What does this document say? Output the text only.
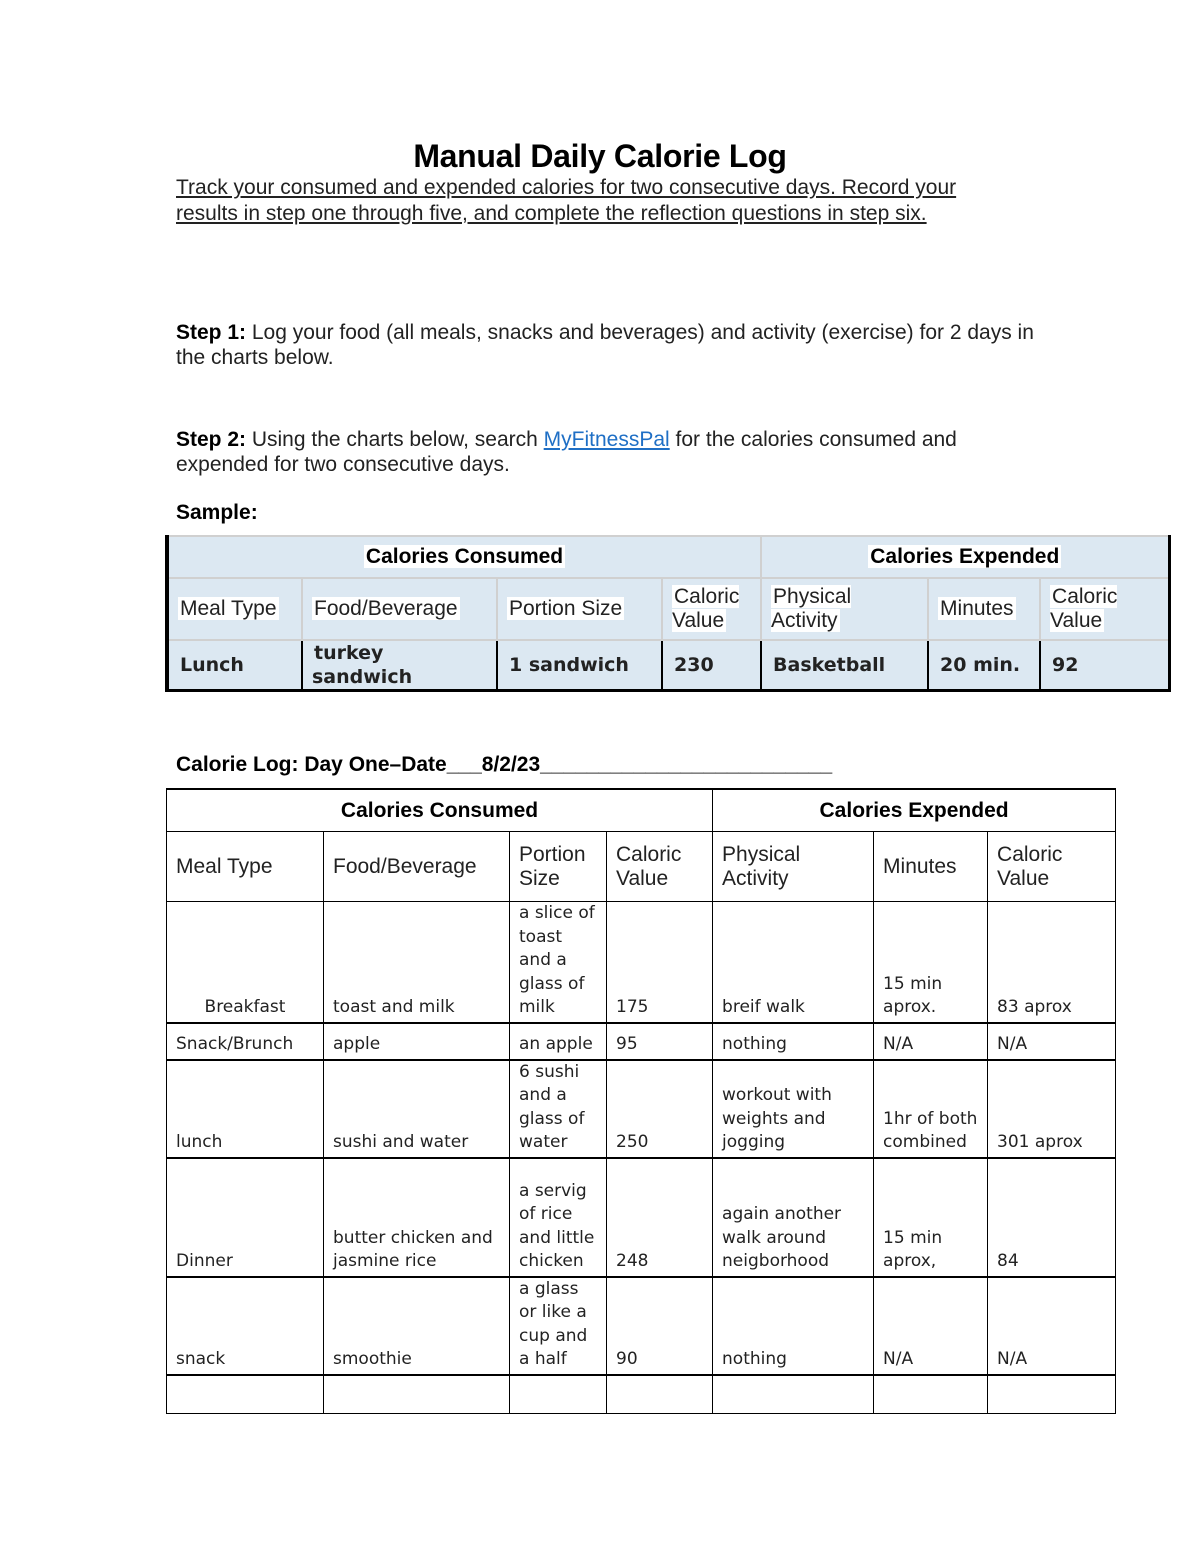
Manual Daily Calorie Log
Track your consumed and expended calories for two consecutive days. Record your results in step one through five, and complete the reflection questions in step six.
Step 1: Log your food (all meals, snacks and beverages) and activity (exercise) for 2 days in the charts below.
Step 2: Using the charts below, search MyFitnessPal for the calories consumed and expended for two consecutive days.
Sample:
Calories Consumed				Calories Expended		
Meal Type	Food/Beverage	Portion Size	Caloric Value	Physical Activity	Minutes	Caloric Value
Lunch	turkey sandwich	1 sandwich	230	Basketball	20 min.	92
Calorie Log: Day One–Date___8/2/23_________________________
Calories Consumed				Calories Expended		
Meal Type	Food/Beverage	Portion Size	Caloric Value	Physical Activity	Minutes	Caloric Value
Breakfast	toast and milk	a slice of toast and a glass of milk	175	breif walk	15 min aprox.	83 aprox
Snack/Brunch	apple	an apple	95	nothing	N/A	N/A
lunch	sushi and water	6 sushi and a glass of water	250	workout with weights and jogging	1hr of both combined	301 aprox
Dinner	butter chicken and jasmine rice	a servig of rice and little chicken	248	again another walk around neigborhood	15 min aprox,	84
snack	smoothie	a glass or like a cup and a half	90	nothing	N/A	N/A
